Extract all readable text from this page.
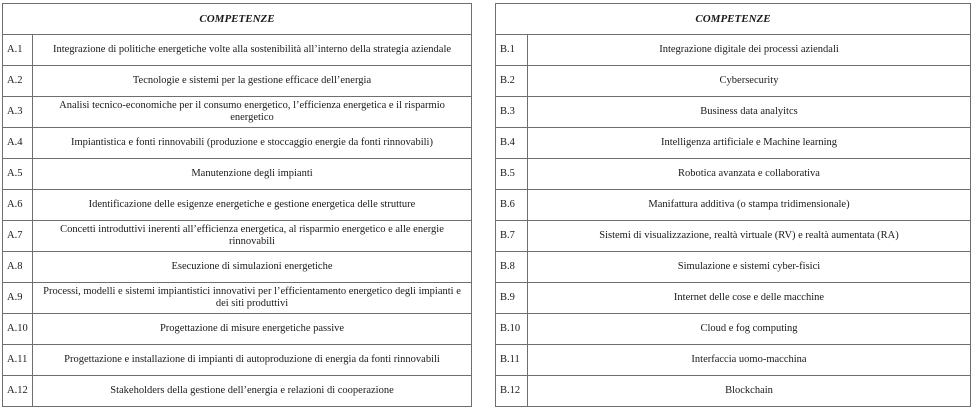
COMPETENZE	
A.1	Integrazione di politiche energetiche volte alla sostenibilità all’interno della strategia aziendale
A.2	Tecnologie e sistemi per la gestione efficace dell’energia
A.3	Analisi tecnico-economiche per il consumo energetico, l’efficienza energetica e il risparmio energetico
A.4	Impiantistica e fonti rinnovabili (produzione e stoccaggio energie da fonti rinnovabili)
A.5	Manutenzione degli impianti
A.6	Identificazione delle esigenze energetiche e gestione energetica delle strutture
A.7	Concetti introduttivi inerenti all’efficienza energetica, al risparmio energetico e alle energie rinnovabili
A.8	Esecuzione di simulazioni energetiche
A.9	Processi, modelli e sistemi impiantistici innovativi per l’efficientamento energetico degli impianti e dei siti produttivi
A.10	Progettazione di misure energetiche passive
A.11	Progettazione e installazione di impianti di autoproduzione di energia da fonti rinnovabili
A.12	Stakeholders della gestione dell’energia e relazioni di cooperazione
COMPETENZE	
B.1	Integrazione digitale dei processi aziendali
B.2	Cybersecurity
B.3	Business data analyitcs
B.4	Intelligenza artificiale e Machine learning
B.5	Robotica avanzata e collaborativa
B.6	Manifattura additiva (o stampa tridimensionale)
B.7	Sistemi di visualizzazione, realtà virtuale (RV) e realtà aumentata (RA)
B.8	Simulazione e sistemi cyber-fisici
B.9	Internet delle cose e delle macchine
B.10	Cloud e fog computing
B.11	Interfaccia uomo-macchina
B.12	Blockchain
